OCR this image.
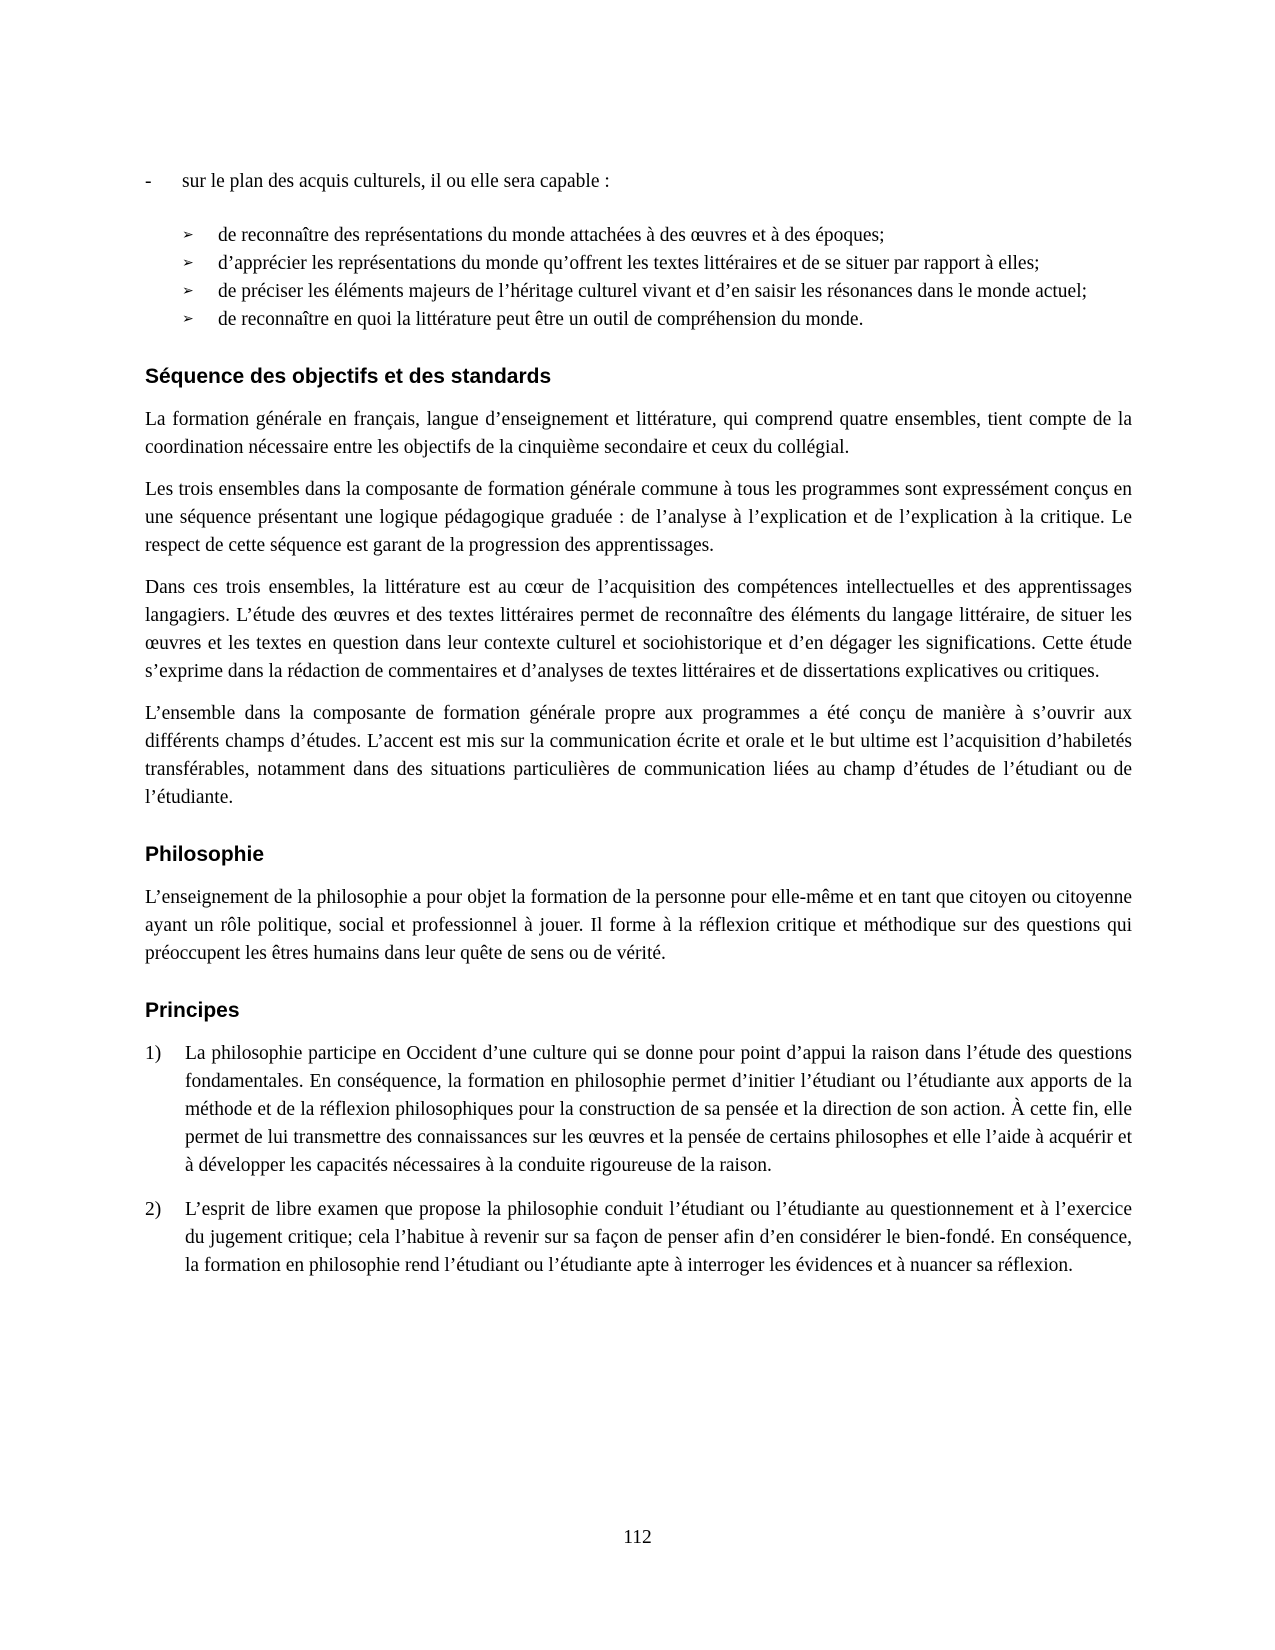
-	sur le plan des acquis culturels, il ou elle sera capable :
➢	de reconnaître des représentations du monde attachées à des œuvres et à des époques;
➢	d’apprécier les représentations du monde qu’offrent les textes littéraires et de se situer par rapport à elles;
➢	de préciser les éléments majeurs de l’héritage culturel vivant et d’en saisir les résonances dans le monde actuel;
➢	de reconnaître en quoi la littérature peut être un outil de compréhension du monde.
Séquence des objectifs et des standards

La formation générale en français, langue d’enseignement et littérature, qui comprend quatre ensembles, tient compte de la coordination nécessaire entre les objectifs de la cinquième secondaire et ceux du collégial.

Les trois ensembles dans la composante de formation générale commune à tous les programmes sont expressément conçus en une séquence présentant une logique pédagogique graduée : de l’analyse à l’explication et de l’explication à la critique. Le respect de cette séquence est garant de la progression des apprentissages.

Dans ces trois ensembles, la littérature est au cœur de l’acquisition des compétences intellectuelles et des apprentissages langagiers. L’étude des œuvres et des textes littéraires permet de reconnaître des éléments du langage littéraire, de situer les œuvres et les textes en question dans leur contexte culturel et sociohistorique et d’en dégager les significations. Cette étude s’exprime dans la rédaction de commentaires et d’analyses de textes littéraires et de dissertations explicatives ou critiques.

L’ensemble dans la composante de formation générale propre aux programmes a été conçu de manière à s’ouvrir aux différents champs d’études. L’accent est mis sur la communication écrite et orale et le but ultime est l’acquisition d’habiletés transférables, notamment dans des situations particulières de communication liées au champ d’études de l’étudiant ou de l’étudiante.

Philosophie

L’enseignement de la philosophie a pour objet la formation de la personne pour elle-même et en tant que citoyen ou citoyenne ayant un rôle politique, social et professionnel à jouer. Il forme à la réflexion critique et méthodique sur des questions qui préoccupent les êtres humains dans leur quête de sens ou de vérité.

Principes
1)	La philosophie participe en Occident d’une culture qui se donne pour point d’appui la raison dans l’étude des questions fondamentales. En conséquence, la formation en philosophie permet d’initier l’étudiant ou l’étudiante aux apports de la méthode et de la réflexion philosophiques pour la construction de sa pensée et la direction de son action. À cette fin, elle permet de lui transmettre des connaissances sur les œuvres et la pensée de certains philosophes et elle l’aide à acquérir et à développer les capacités nécessaires à la conduite rigoureuse de la raison.
2)	L’esprit de libre examen que propose la philosophie conduit l’étudiant ou l’étudiante au questionnement et à l’exercice du jugement critique; cela l’habitue à revenir sur sa façon de penser afin d’en considérer le bien-fondé. En conséquence, la formation en philosophie rend l’étudiant ou l’étudiante apte à interroger les évidences et à nuancer sa réflexion.
112
